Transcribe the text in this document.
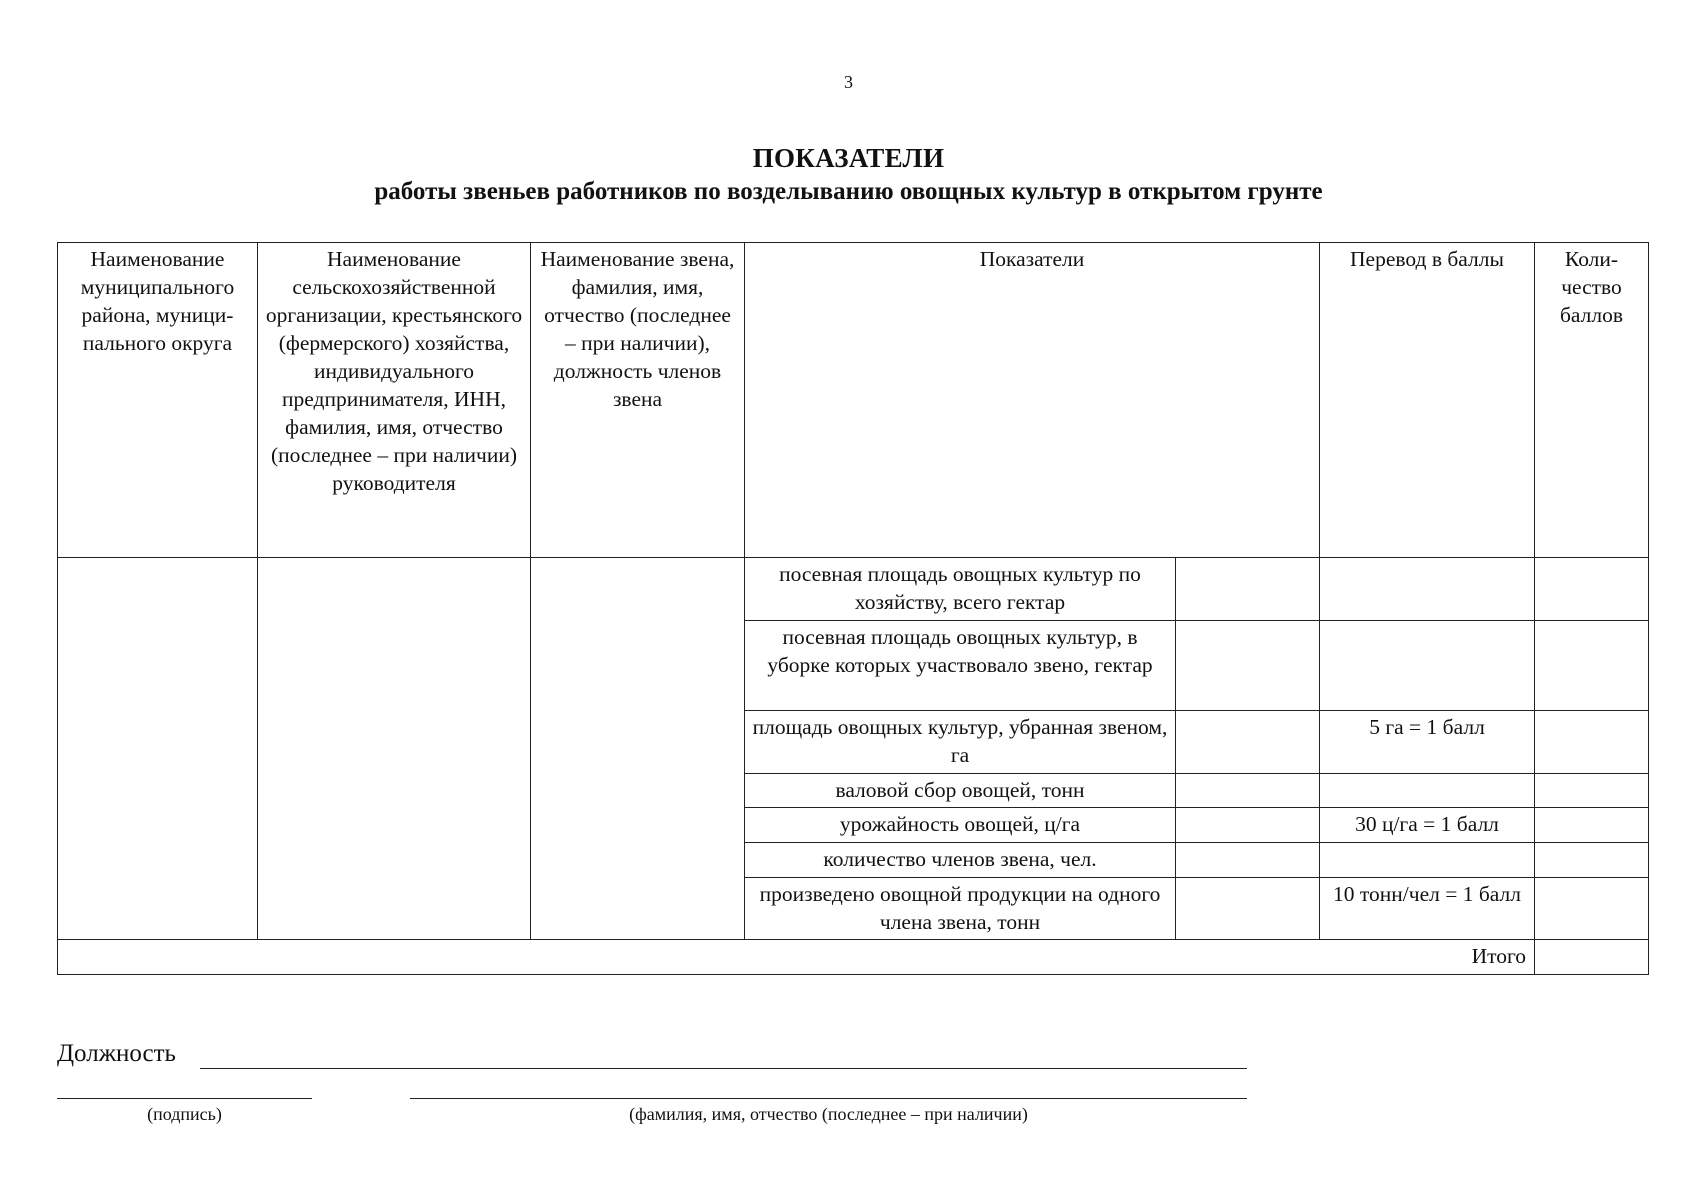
3
ПОКАЗАТЕЛИ
работы звеньев работников по возделыванию овощных культур в открытом грунте
Наименование муниципального района, муници-пального округа	Наименование сельскохозяйственной организации, крестьянского (фермерского) хозяйства, индивидуального предпринимателя, ИНН, фамилия, имя, отчество (последнее – при наличии) руководителя	Наименование звена, фамилия, имя, отчество (последнее – при наличии), должность членов звена	Показатели		Перевод в баллы	Коли-чество баллов
			посевная площадь овощных культур по хозяйству, всего гектар			
			посевная площадь овощных культур, в уборке которых участвовало звено, гектар			
			площадь овощных культур, убранная звеном, га		5 га = 1 балл	
			валовой сбор овощей, тонн			
			урожайность овощей, ц/га		30 ц/га = 1 балл	
			количество членов звена, чел.			
			произведено овощной продукции на одного члена звена, тонн		10 тонн/чел = 1 балл	
Итого						
Должность
(подпись)	(фамилия, имя, отчество (последнее – при наличии)
